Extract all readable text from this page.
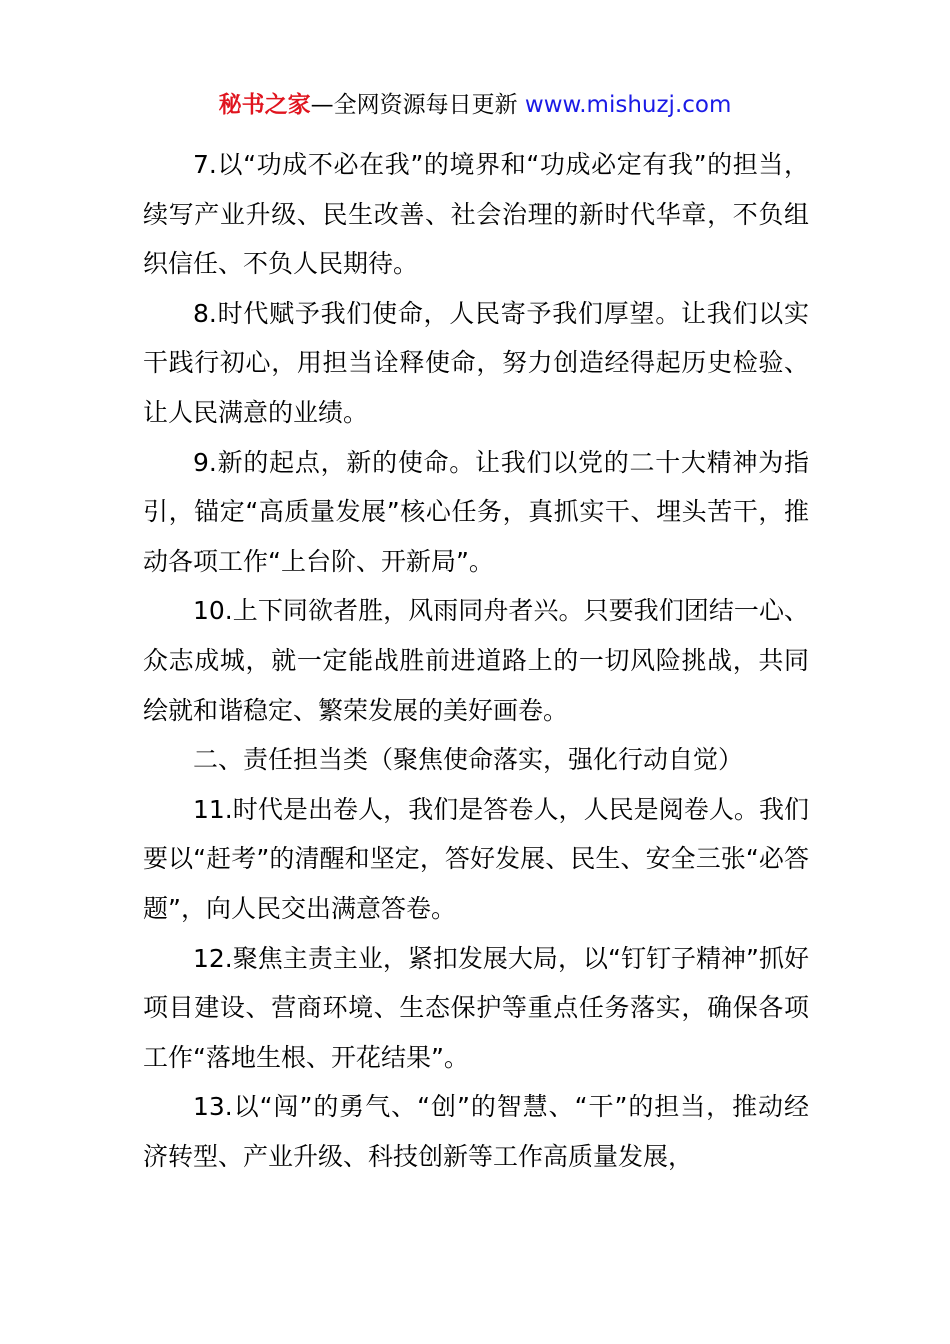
秘书之家—全网资源每日更新 www.mishuzj.com

7.以“功成不必在我”的境界和“功成必定有我”的担当，续写产业升级、民生改善、社会治理的新时代华章，不负组织信任、不负人民期待。

8.时代赋予我们使命，人民寄予我们厚望。让我们以实干践行初心，用担当诠释使命，努力创造经得起历史检验、让人民满意的业绩。

9.新的起点，新的使命。让我们以党的二十大精神为指引，锚定“高质量发展”核心任务，真抓实干、埋头苦干，推动各项工作“上台阶、开新局”。

10.上下同欲者胜，风雨同舟者兴。只要我们团结一心、众志成城，就一定能战胜前进道路上的一切风险挑战，共同绘就和谐稳定、繁荣发展的美好画卷。

二、责任担当类（聚焦使命落实，强化行动自觉）

11.时代是出卷人，我们是答卷人，人民是阅卷人。我们要以“赶考”的清醒和坚定，答好发展、民生、安全三张“必答题”，向人民交出满意答卷。

12.聚焦主责主业，紧扣发展大局，以“钉钉子精神”抓好项目建设、营商环境、生态保护等重点任务落实，确保各项工作“落地生根、开花结果”。

13.以“闯”的勇气、“创”的智慧、“干”的担当，推动经济转型、产业升级、科技创新等工作高质量发展，
